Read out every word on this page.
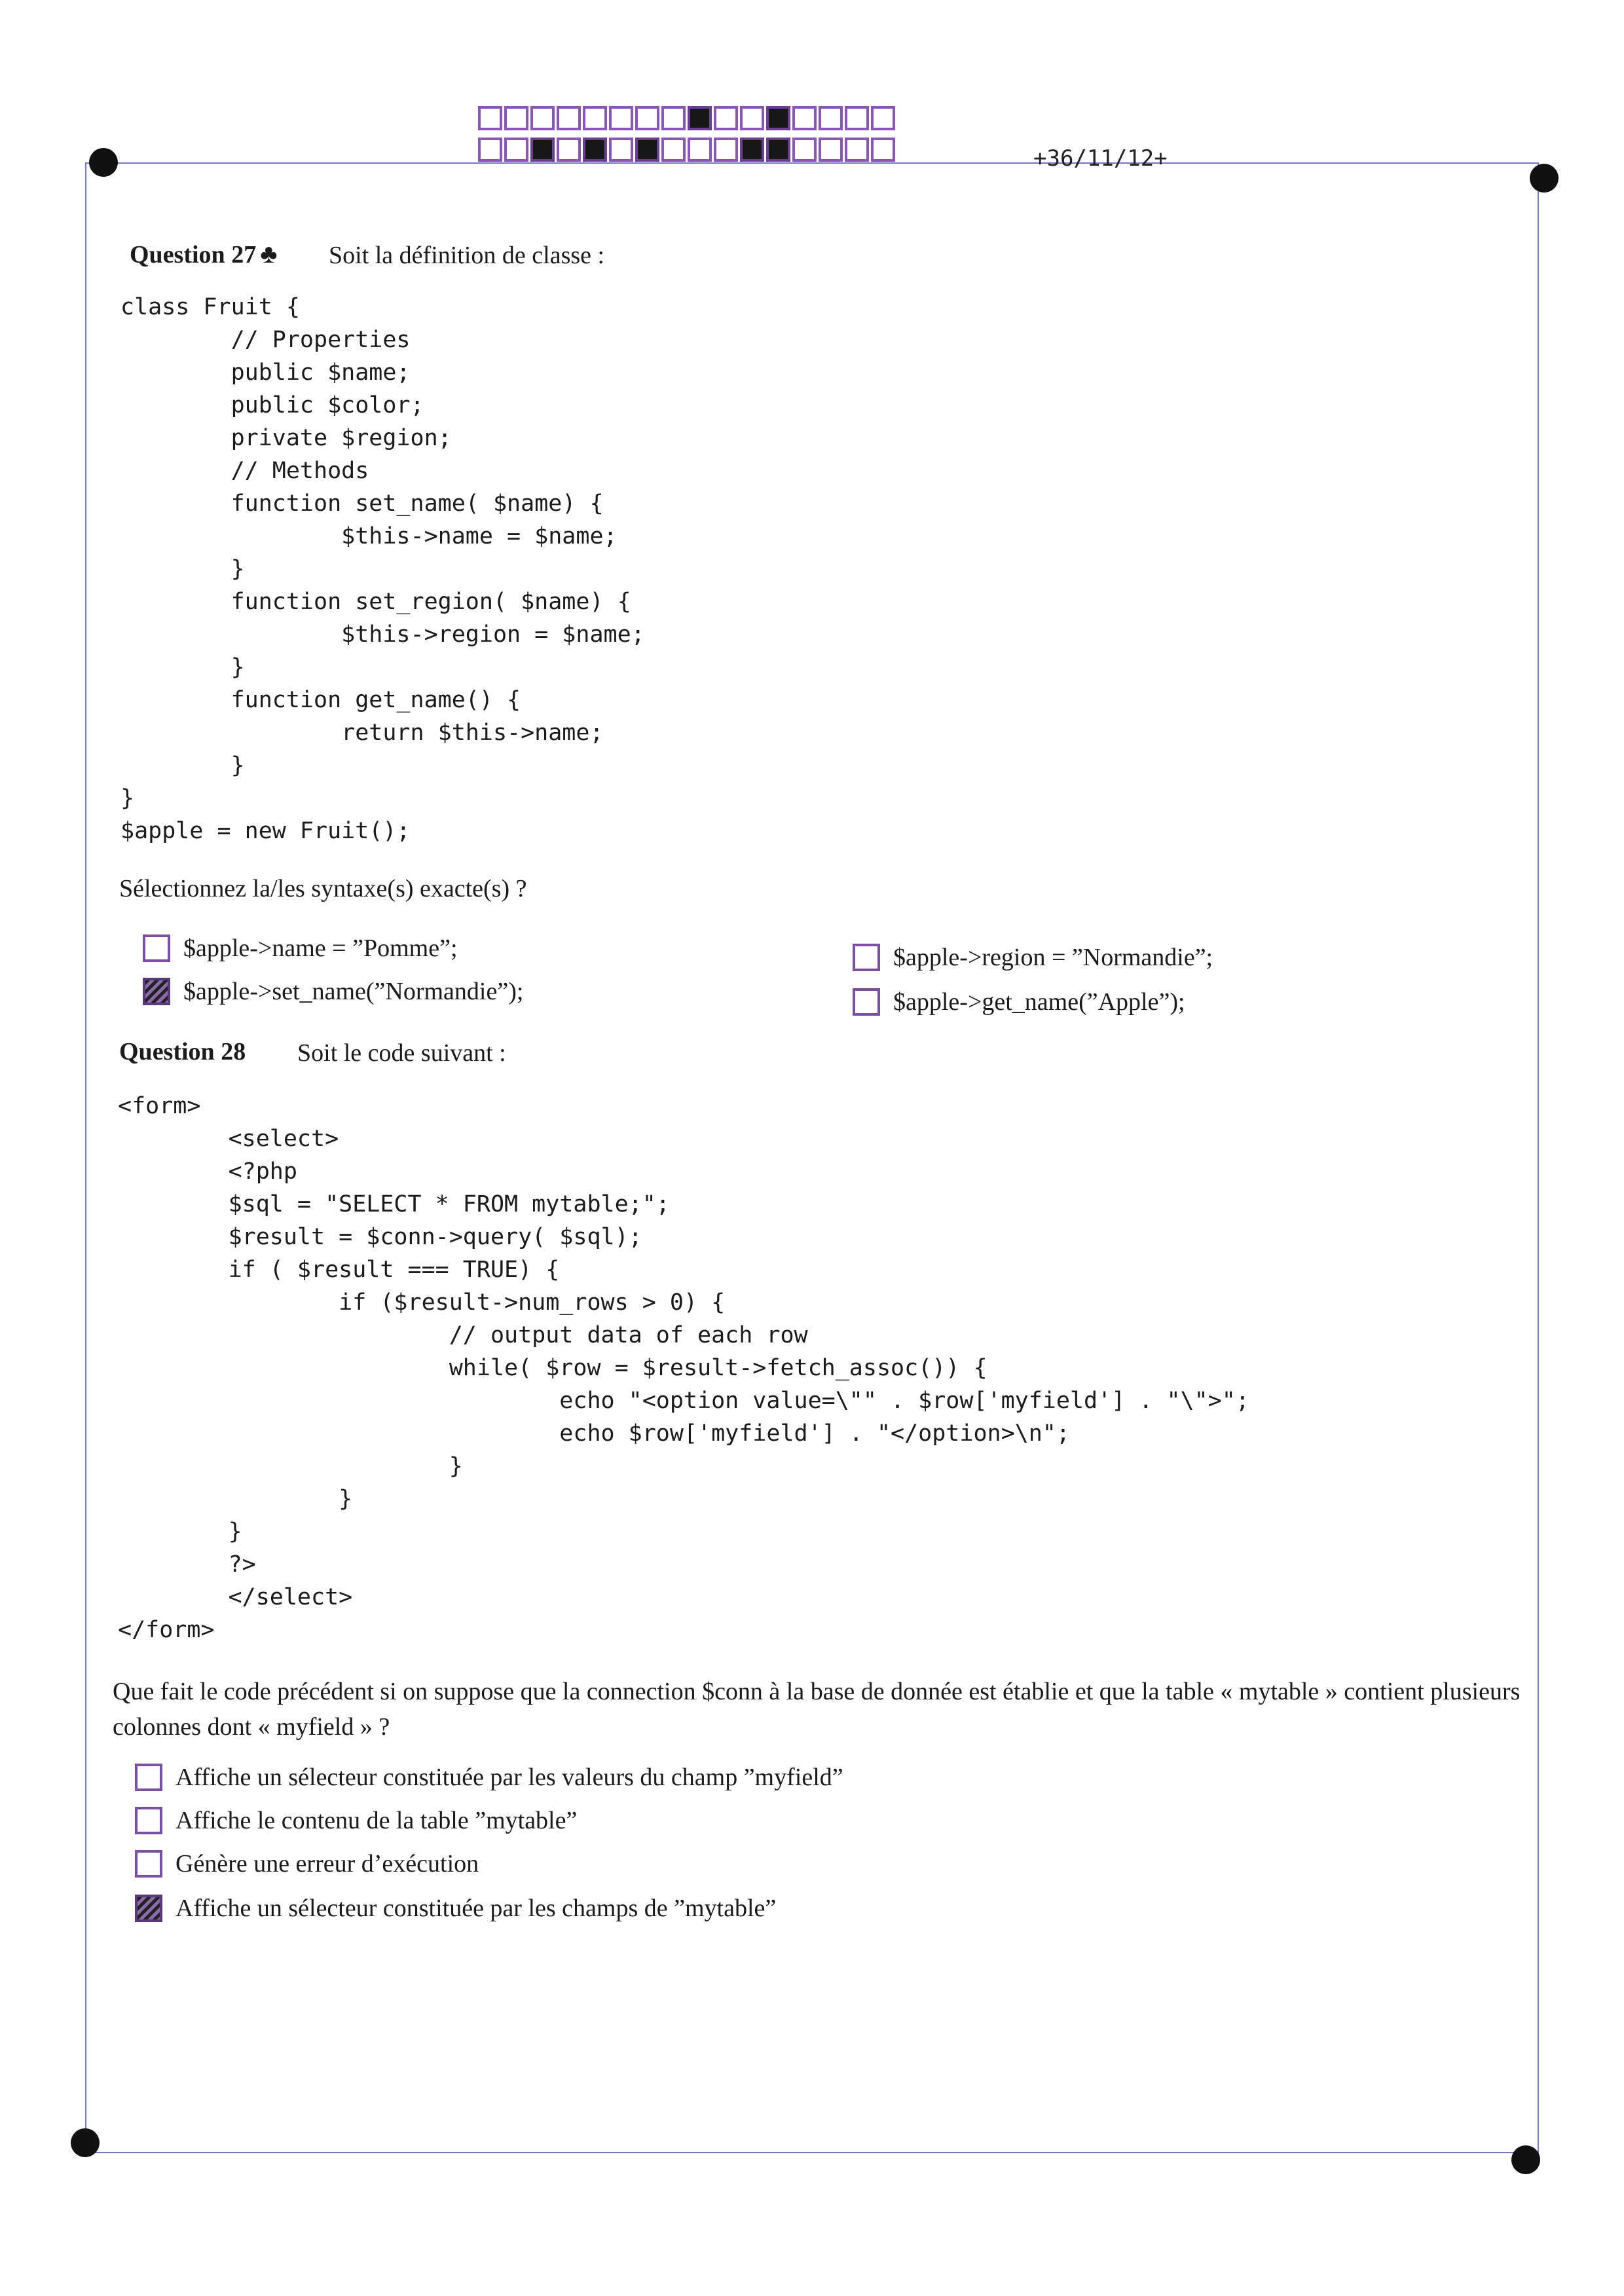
+36/11/12+
Question 27 ♣ Soit la définition de classe :
class Fruit {
// Properties
public $name;
public $color;
private $region;
// Methods
function set_name( $name) {
$this->name = $name;
}
function set_region( $name) {
$this->region = $name;
}
function get_name() {
return $this->name;
}
}
$apple = new Fruit();
Sélectionnez la/les syntaxe(s) exacte(s) ?
$apple->name = ”Pomme”;
$apple->set_name(”Normandie”);
$apple->region = ”Normandie”;
$apple->get_name(”Apple”);
Question 28 Soit le code suivant :
<form>
<select>
<?php
$sql = "SELECT * FROM mytable;";
$result = $conn->query( $sql);
if ( $result === TRUE) {
if ($result->num_rows > 0) {
// output data of each row
while( $row = $result->fetch_assoc()) {
echo "<option value=\"" . $row['myfield'] . "\">";
echo $row['myfield'] . "</option>\n";
}
}
}
?>
</select>
</form>
Que fait le code précédent si on suppose que la connection $conn à la base de donnée est établie et que la table « mytable » contient plusieurs colonnes dont « myfield » ?
Affiche un sélecteur constituée par les valeurs du champ ”myfield”
Affiche le contenu de la table ”mytable”
Génère une erreur d’exécution
Affiche un sélecteur constituée par les champs de ”mytable”
